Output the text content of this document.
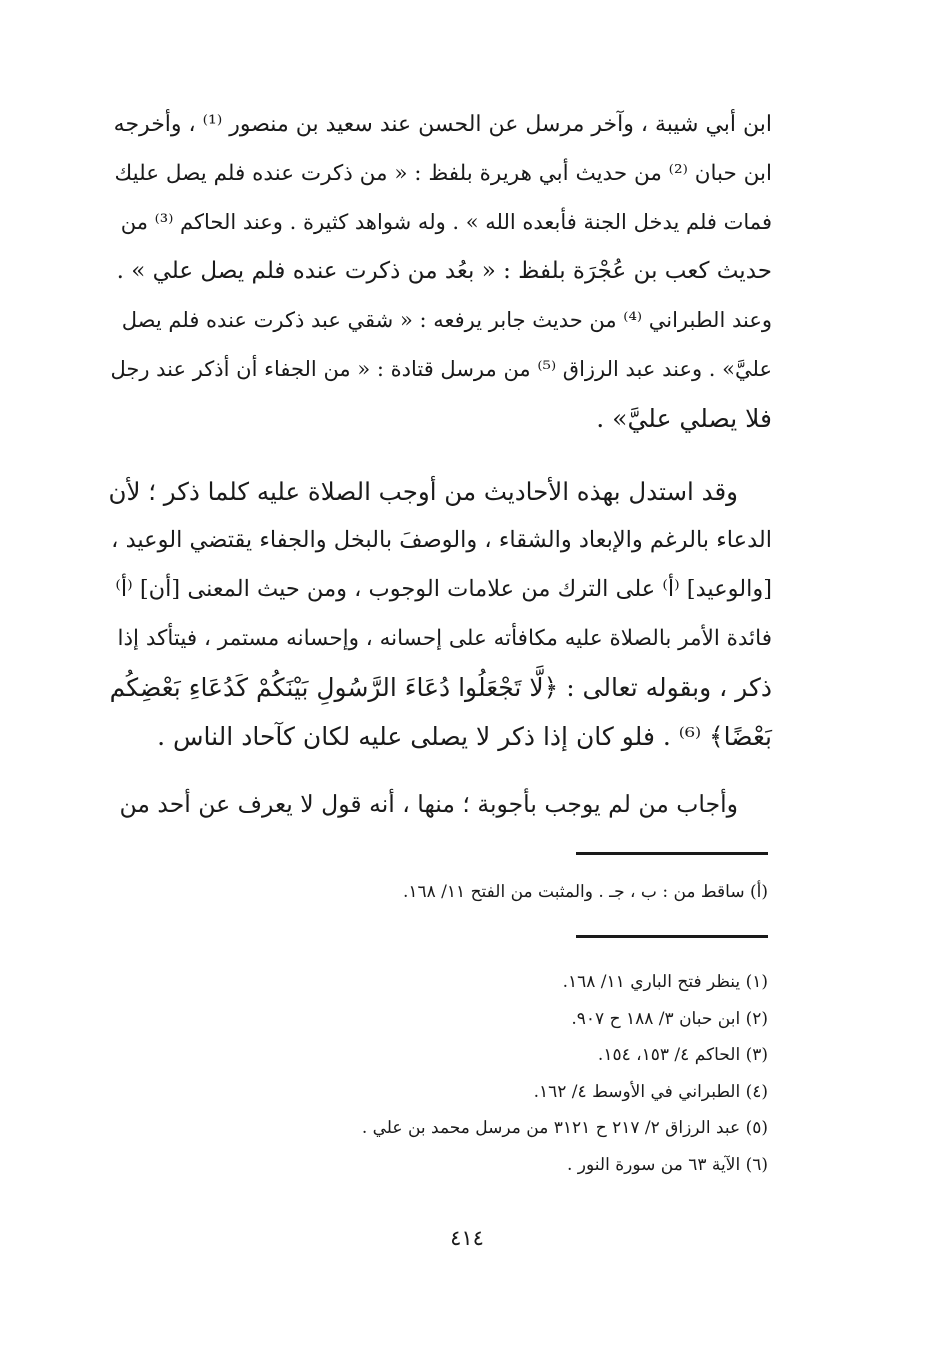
ابن أبي شيبة ، وآخر مرسل عن الحسن عند سعيد بن منصور ⁽¹⁾ ، وأخرجه
ابن حبان ⁽²⁾ من حديث أبي هريرة بلفظ : « من ذكرت عنده فلم يصل عليك
فمات فلم يدخل الجنة فأبعده الله » . وله شواهد كثيرة . وعند الحاكم ⁽³⁾ من
حديث كعب بن عُجْرَة بلفظ : « بعُد من ذكرت عنده فلم يصل علي » .
وعند الطبراني ⁽⁴⁾ من حديث جابر يرفعه : « شقي عبد ذكرت عنده فلم يصل
عليَّ» . وعند عبد الرزاق ⁽⁵⁾ من مرسل قتادة : « من الجفاء أن أذكر عند رجل
فلا يصلي عليَّ» .
وقد استدل بهذه الأحاديث من أوجب الصلاة عليه كلما ذكر ؛ لأن
الدعاء بالرغم والإبعاد والشقاء ، والوصفَ بالبخل والجفاء يقتضي الوعيد ،
[والوعيد] ⁽أ⁾ على الترك من علامات الوجوب ، ومن حيث المعنى [أن] ⁽أ⁾
فائدة الأمر بالصلاة عليه مكافأته على إحسانه ، وإحسانه مستمر ، فيتأكد إذا
ذكر ، وبقوله تعالى : ﴿لَّا تَجْعَلُوا دُعَاءَ الرَّسُولِ بَيْنَكُمْ كَدُعَاءِ بَعْضِكُم
بَعْضًا﴾ ⁽⁶⁾ . فلو كان إذا ذكر لا يصلى عليه لكان كآحاد الناس .
وأجاب من لم يوجب بأجوبة ؛ منها ، أنه قول لا يعرف عن أحد من
(أ) ساقط من : ب ، جـ . والمثبت من الفتح ١١/ ١٦٨.
(١) ينظر فتح الباري ١١/ ١٦٨.
(٢) ابن حبان ٣/ ١٨٨ ح ٩٠٧.
(٣) الحاكم ٤/ ١٥٣، ١٥٤.
(٤) الطبراني في الأوسط ٤/ ١٦٢.
(٥) عبد الرزاق ٢/ ٢١٧ ح ٣١٢١ من مرسل محمد بن علي .
(٦) الآية ٦٣ من سورة النور .
٤١٤
